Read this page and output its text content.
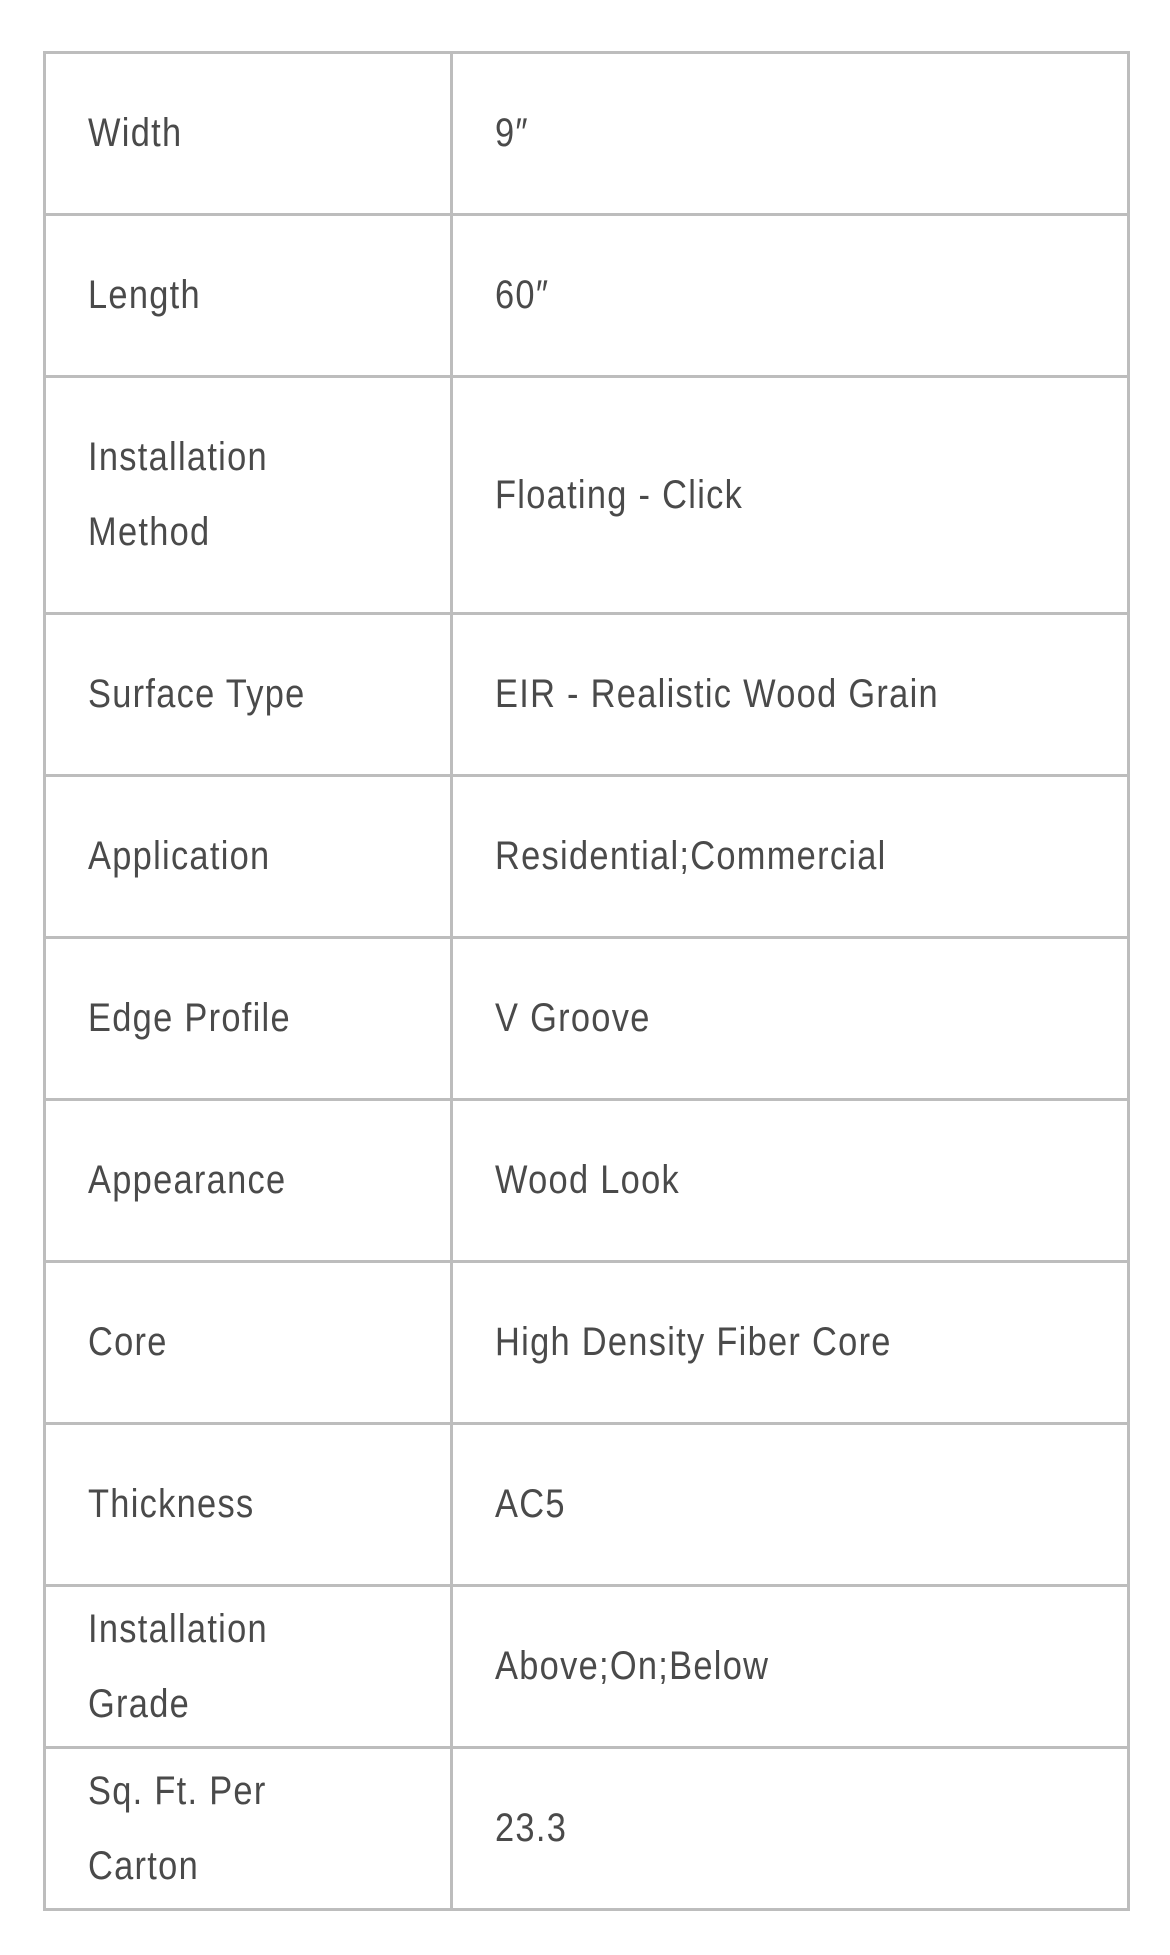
Width	9″
Length	60″
Installation Method	Floating - Click
Surface Type	EIR - Realistic Wood Grain
Application	Residential;Commercial
Edge Profile	V Groove
Appearance	Wood Look
Core	High Density Fiber Core
Thickness	AC5
Installation Grade	Above;On;Below
Sq. Ft. Per Carton	23.3
